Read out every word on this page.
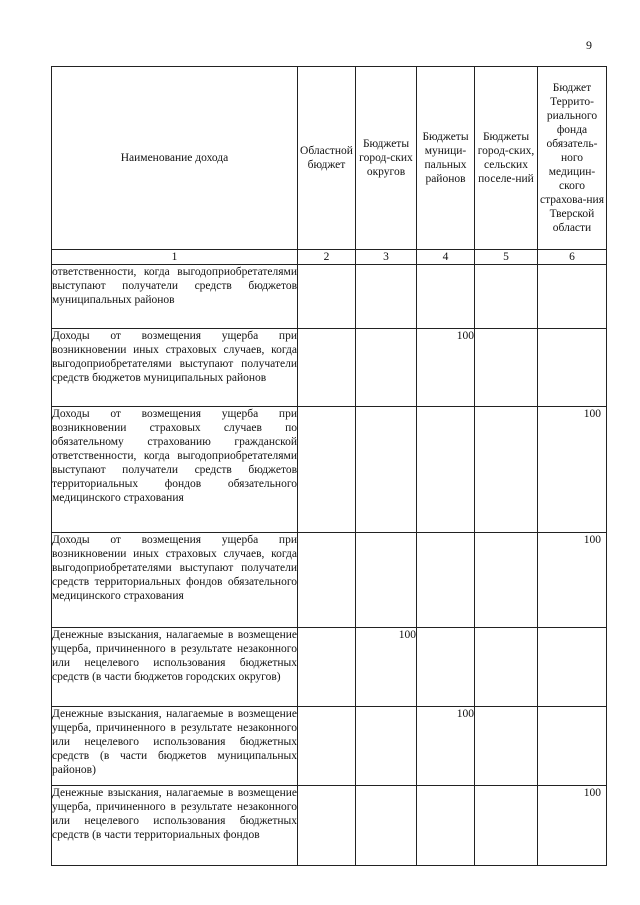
9
Наименование дохода	Областной бюджет	Бюджеты город-ских округов	Бюджеты муници-пальных районов	Бюджеты город-ских, сельских поселе-ний	Бюджет Террито-риального фонда обязатель-ного медицин-ского страхова-ния Тверской области
1	2	3	4	5	6
ответственности, когда выгодоприобретателями выступают получатели средств бюджетов муниципальных районов					
Доходы от возмещения ущерба при возникновении иных страховых случаев, когда выгодоприобретателями выступают получатели средств бюджетов муниципальных районов			100		
Доходы от возмещения ущерба при возникновении страховых случаев по обязательному страхованию гражданской ответственности, когда выгодоприобретателями выступают получатели средств бюджетов территориальных фондов обязательного медицинского страхования					100
Доходы от возмещения ущерба при возникновении иных страховых случаев, когда выгодоприобретателями выступают получатели средств территориальных фондов обязательного медицинского страхования					100
Денежные взыскания, налагаемые в возмещение ущерба, причиненного в результате незаконного или нецелевого использования бюджетных средств (в части бюджетов городских округов)		100			
Денежные взыскания, налагаемые в возмещение ущерба, причиненного в результате незаконного или нецелевого использования бюджетных средств (в части бюджетов муниципальных районов)			100		
Денежные взыскания, налагаемые в возмещение ущерба, причиненного в результате незаконного или нецелевого использования бюджетных средств (в части территориальных фондов					100
